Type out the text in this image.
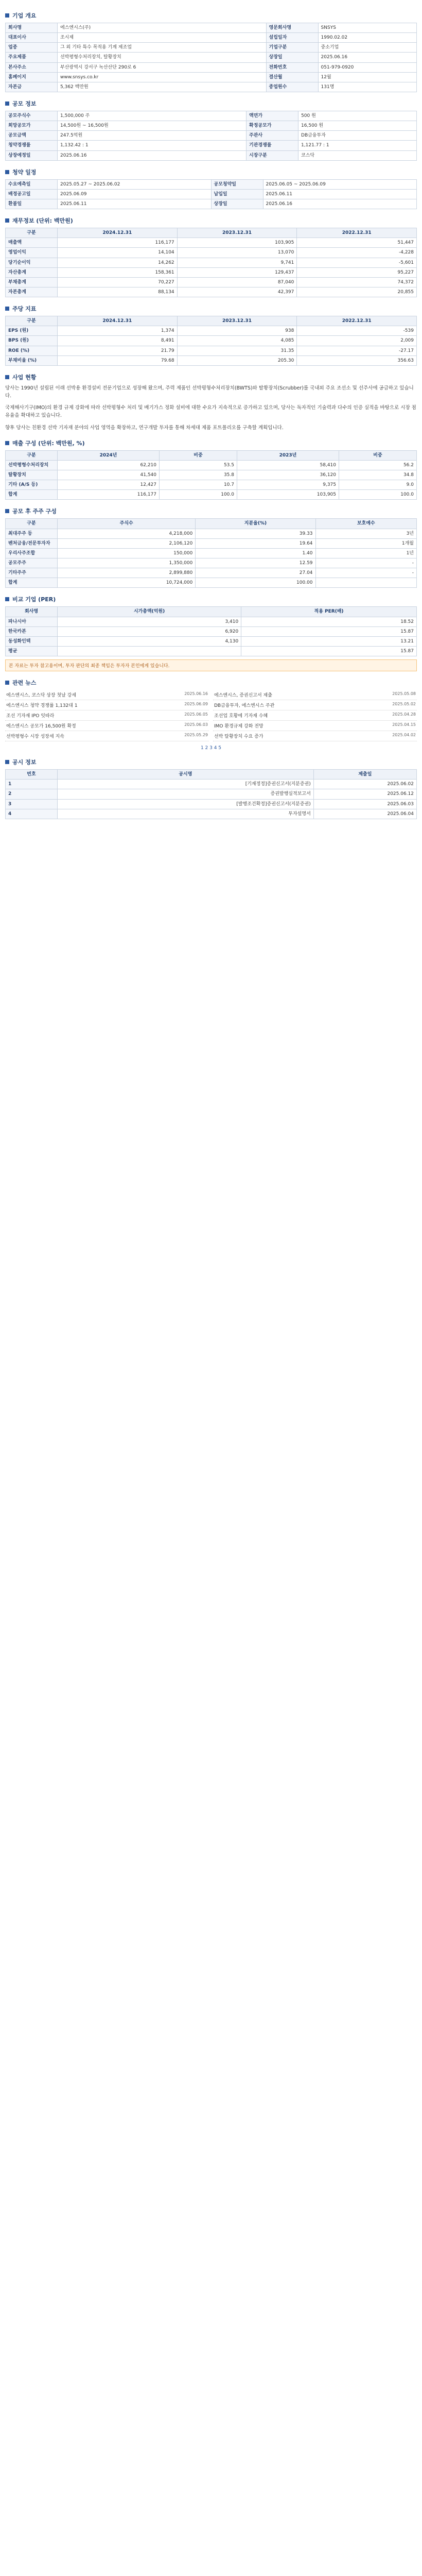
기업 개요
회사명	에스엔시스(주)	영문회사명	SNSYS
대표이사	조시제	설립일자	1990.02.02
업종	그 외 기타 특수 목적용 기계 제조업	기업구분	중소기업
주요제품	선박평형수처리장치, 탈황장치	상장일	2025.06.16
본사주소	부산광역시 강서구 녹산산단 290로 6	전화번호	051-979-0920
홈페이지	www.snsys.co.kr	결산월	12월
자본금	5,362 백만원	종업원수	131명
공모 정보
공모주식수	1,500,000 주	액면가	500 원
희망공모가	14,500원 ~ 16,500원	확정공모가	16,500 원
공모금액	247.5억원	주관사	DB금융투자
청약경쟁률	1,132.42 : 1	기관경쟁률	1,121.77 : 1
상장예정일	2025.06.16	시장구분	코스닥
청약 일정
수요예측일	2025.05.27 ~ 2025.06.02	공모청약일	2025.06.05 ~ 2025.06.09
배정공고일	2025.06.09	납입일	2025.06.11
환불일	2025.06.11	상장일	2025.06.16
재무정보 (단위: 백만원)
구분	2024.12.31	2023.12.31	2022.12.31
매출액	116,177	103,905	51,447
영업이익	14,104	13,070	-4,228
당기순이익	14,262	9,741	-5,601
자산총계	158,361	129,437	95,227
부채총계	70,227	87,040	74,372
자본총계	88,134	42,397	20,855
주당 지표
구분	2024.12.31	2023.12.31	2022.12.31
EPS (원)	1,374	938	-539
BPS (원)	8,491	4,085	2,009
ROE (%)	21.79	31.35	-27.17
부채비율 (%)	79.68	205.30	356.63
사업 현황

당사는 1990년 설립된 이래 선박용 환경설비 전문기업으로 성장해 왔으며, 주력 제품인 선박평형수처리장치(BWTS)와 탈황장치(Scrubber)를 국내외 주요 조선소 및 선주사에 공급하고 있습니다.

국제해사기구(IMO)의 환경 규제 강화에 따라 선박평형수 처리 및 배기가스 정화 설비에 대한 수요가 지속적으로 증가하고 있으며, 당사는 독자적인 기술력과 다수의 인증 실적을 바탕으로 시장 점유율을 확대하고 있습니다.

향후 당사는 친환경 선박 기자재 분야의 사업 영역을 확장하고, 연구개발 투자를 통해 차세대 제품 포트폴리오를 구축할 계획입니다.

매출 구성 (단위: 백만원, %)
구분	2024년	비중	2023년	비중
선박평형수처리장치	62,210	53.5	58,410	56.2
탈황장치	41,540	35.8	36,120	34.8
기타 (A/S 등)	12,427	10.7	9,375	9.0
합계	116,177	100.0	103,905	100.0
공모 후 주주 구성
구분	주식수	지분율(%)	보호예수
최대주주 등	4,218,000	39.33	3년
벤처금융/전문투자자	2,106,120	19.64	1개월
우리사주조합	150,000	1.40	1년
공모주주	1,350,000	12.59	-
기타주주	2,899,880	27.04	-
합계	10,724,000	100.00	
비교 기업 (PER)
회사명	시가총액(억원)	적용 PER(배)
파나시아	3,410	18.52
한국카본	6,920	15.87
동성화인텍	4,130	13.21
평균		15.87
본 자료는 투자 참고용이며, 투자 판단의 최종 책임은 투자자 본인에게 있습니다.
관련 뉴스
에스엔시스, 코스닥 상장 첫날 강세	2025.06.16
에스엔시스 청약 경쟁률 1,132대 1	2025.06.09
조선 기자재 IPO 잇따라	2025.06.05
에스엔시스 공모가 16,500원 확정	2025.06.03
선박평형수 시장 성장세 지속	2025.05.29
에스엔시스, 증권신고서 제출	2025.05.08
DB금융투자, 에스엔시스 주관	2025.05.02
조선업 호황에 기자재 수혜	2025.04.28
IMO 환경규제 강화 전망	2025.04.15
선박 탈황장치 수요 증가	2025.04.02
1 2 3 4 5
공시 정보
번호	공시명	제출일
1	[기재정정]증권신고서(지분증권)	2025.06.02
2	증권발행실적보고서	2025.06.12
3	[발행조건확정]증권신고서(지분증권)	2025.06.03
4	투자설명서	2025.06.04
